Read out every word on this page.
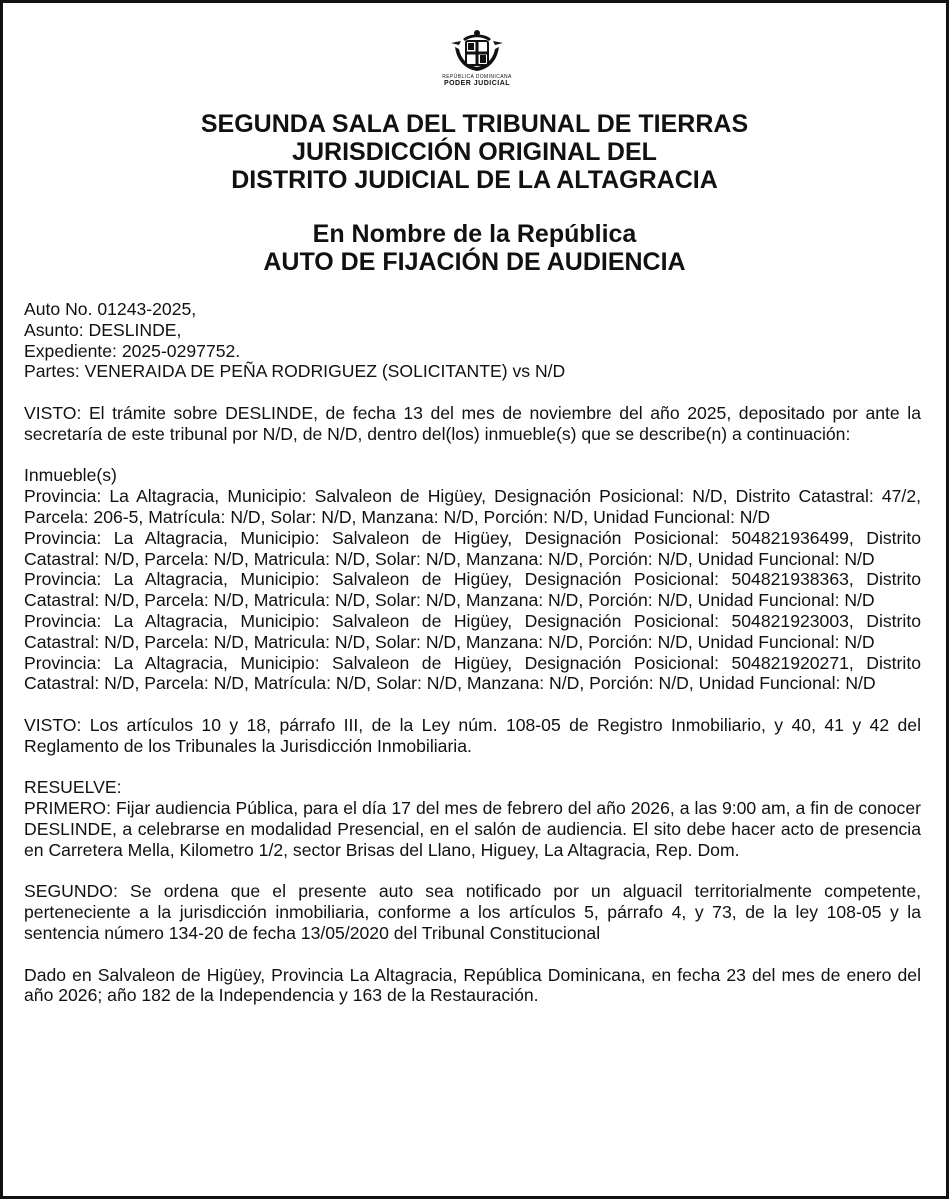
REPÚBLICA DOMINICANA
PODER JUDICIAL
SEGUNDA SALA DEL TRIBUNAL DE TIERRAS
JURISDICCIÓN ORIGINAL DEL
DISTRITO JUDICIAL DE LA ALTAGRACIA
En Nombre de la República
AUTO DE FIJACIÓN DE AUDIENCIA

Auto No. 01243-2025,

Asunto: DESLINDE,

Expediente: 2025-0297752.

Partes: VENERAIDA DE PEÑA RODRIGUEZ (SOLICITANTE) vs N/D

VISTO: El trámite sobre DESLINDE, de fecha 13 del mes de noviembre del año 2025, depositado por ante la secretaría de este tribunal por N/D, de N/D, dentro del(los) inmueble(s) que se describe(n) a continuación:

Inmueble(s)

Provincia: La Altagracia, Municipio: Salvaleon de Higüey, Designación Posicional: N/D, Distrito Catastral: 47/2, Parcela: 206-5, Matrícula: N/D, Solar: N/D, Manzana: N/D, Porción: N/D, Unidad Funcional: N/D

Provincia: La Altagracia, Municipio: Salvaleon de Higüey, Designación Posicional: 504821936499, Distrito Catastral: N/D, Parcela: N/D, Matricula: N/D, Solar: N/D, Manzana: N/D, Porción: N/D, Unidad Funcional: N/D

Provincia: La Altagracia, Municipio: Salvaleon de Higüey, Designación Posicional: 504821938363, Distrito Catastral: N/D, Parcela: N/D, Matricula: N/D, Solar: N/D, Manzana: N/D, Porción: N/D, Unidad Funcional: N/D

Provincia: La Altagracia, Municipio: Salvaleon de Higüey, Designación Posicional: 504821923003, Distrito Catastral: N/D, Parcela: N/D, Matricula: N/D, Solar: N/D, Manzana: N/D, Porción: N/D, Unidad Funcional: N/D

Provincia: La Altagracia, Municipio: Salvaleon de Higüey, Designación Posicional: 504821920271, Distrito Catastral: N/D, Parcela: N/D, Matrícula: N/D, Solar: N/D, Manzana: N/D, Porción: N/D, Unidad Funcional: N/D

VISTO: Los artículos 10 y 18, párrafo III, de la Ley núm. 108-05 de Registro Inmobiliario, y 40, 41 y 42 del Reglamento de los Tribunales la Jurisdicción Inmobiliaria.

RESUELVE:

PRIMERO: Fijar audiencia Pública, para el día 17 del mes de febrero del año 2026, a las 9:00 am, a fin de conocer DESLINDE, a celebrarse en modalidad Presencial, en el salón de audiencia. El sito debe hacer acto de presencia en Carretera Mella, Kilometro 1/2, sector Brisas del Llano, Higuey, La Altagracia, Rep. Dom.

SEGUNDO: Se ordena que el presente auto sea notificado por un alguacil territorialmente competente, perteneciente a la jurisdicción inmobiliaria, conforme a los artículos 5, párrafo 4, y 73, de la ley 108-05 y la sentencia número 134-20 de fecha 13/05/2020 del Tribunal Constitucional

Dado en Salvaleon de Higüey, Provincia La Altagracia, República Dominicana, en fecha 23 del mes de enero del año 2026; año 182 de la Independencia y 163 de la Restauración.
